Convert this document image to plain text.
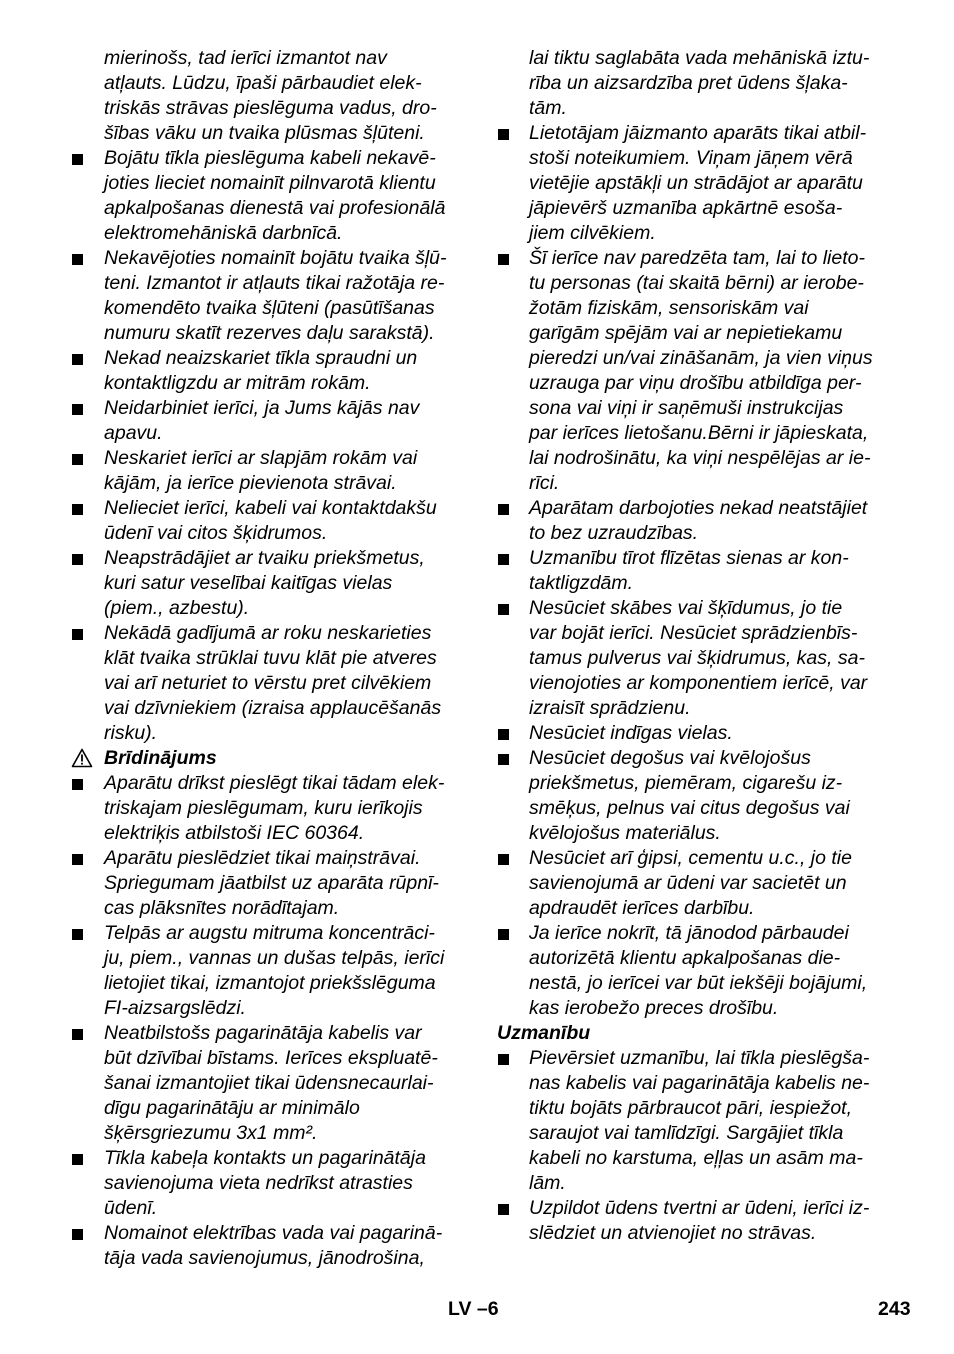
mierinošs, tad ierīci izmantot nav
atļauts. Lūdzu, īpaši pārbaudiet elek-
triskās strāvas pieslēguma vadus, dro-
šības vāku un tvaika plūsmas šļūteni.
Bojātu tīkla pieslēguma kabeli nekavē-
joties lieciet nomainīt pilnvarotā klientu
apkalpošanas dienestā vai profesionālā
elektromehāniskā darbnīcā.
Nekavējoties nomainīt bojātu tvaika šļū-
teni. Izmantot ir atļauts tikai ražotāja re-
komendēto tvaika šļūteni (pasūtīšanas
numuru skatīt rezerves daļu sarakstā).
Nekad neaizskariet tīkla spraudni un
kontaktligzdu ar mitrām rokām.
Neidarbiniet ierīci, ja Jums kājās nav
apavu.
Neskariet ierīci ar slapjām rokām vai
kājām, ja ierīce pievienota strāvai.
Nelieciet ierīci, kabeli vai kontaktdakšu
ūdenī vai citos šķidrumos.
Neapstrādājiet ar tvaiku priekšmetus,
kuri satur veselībai kaitīgas vielas
(piem., azbestu).
Nekādā gadījumā ar roku neskarieties
klāt tvaika strūklai tuvu klāt pie atveres
vai arī neturiet to vērstu pret cilvēkiem
vai dzīvniekiem (izraisa applaucēšanās
risku).
Brīdinājums
Aparātu drīkst pieslēgt tikai tādam elek-
triskajam pieslēgumam, kuru ierīkojis
elektriķis atbilstoši IEC 60364.
Aparātu pieslēdziet tikai maiņstrāvai.
Spriegumam jāatbilst uz aparāta rūpnī-
cas plāksnītes norādītajam.
Telpās ar augstu mitruma koncentrāci-
ju, piem., vannas un dušas telpās, ierīci
lietojiet tikai, izmantojot priekšslēguma
FI-aizsargslēdzi.
Neatbilstošs pagarinātāja kabelis var
būt dzīvībai bīstams. Ierīces ekspluatē-
šanai izmantojiet tikai ūdensnecaurlai-
dīgu pagarinātāju ar minimālo
šķērsgriezumu 3x1 mm².
Tīkla kabeļa kontakts un pagarinātāja
savienojuma vieta nedrīkst atrasties
ūdenī.
Nomainot elektrības vada vai pagarinā-
tāja vada savienojumus, jānodrošina,
lai tiktu saglabāta vada mehāniskā iztu-
rība un aizsardzība pret ūdens šļaka-
tām.
Lietotājam jāizmanto aparāts tikai atbil-
stoši noteikumiem. Viņam jāņem vērā
vietējie apstākļi un strādājot ar aparātu
jāpievērš uzmanība apkārtnē esoša-
jiem cilvēkiem.
Šī ierīce nav paredzēta tam, lai to lieto-
tu personas (tai skaitā bērni) ar ierobe-
žotām fiziskām, sensoriskām vai
garīgām spējām vai ar nepietiekamu
pieredzi un/vai zināšanām, ja vien viņus
uzrauga par viņu drošību atbildīga per-
sona vai viņi ir saņēmuši instrukcijas
par ierīces lietošanu.Bērni ir jāpieskata,
lai nodrošinātu, ka viņi nespēlējas ar ie-
rīci.
Aparātam darbojoties nekad neatstājiet
to bez uzraudzības.
Uzmanību tīrot flīzētas sienas ar kon-
taktligzdām.
Nesūciet skābes vai šķīdumus, jo tie
var bojāt ierīci. Nesūciet sprādzienbīs-
tamus pulverus vai šķidrumus, kas, sa-
vienojoties ar komponentiem ierīcē, var
izraisīt sprādzienu.
Nesūciet indīgas vielas.
Nesūciet degošus vai kvēlojošus
priekšmetus, piemēram, cigarešu iz-
smēķus, pelnus vai citus degošus vai
kvēlojošus materiālus.
Nesūciet arī ģipsi, cementu u.c., jo tie
savienojumā ar ūdeni var sacietēt un
apdraudēt ierīces darbību.
Ja ierīce nokrīt, tā jānodod pārbaudei
autorizētā klientu apkalpošanas die-
nestā, jo ierīcei var būt iekšēji bojājumi,
kas ierobežo preces drošību.
Uzmanību
Pievērsiet uzmanību, lai tīkla pieslēgša-
nas kabelis vai pagarinātāja kabelis ne-
tiktu bojāts pārbraucot pāri, iespiežot,
saraujot vai tamlīdzīgi. Sargājiet tīkla
kabeli no karstuma, eļļas un asām ma-
lām.
Uzpildot ūdens tvertni ar ūdeni, ierīci iz-
slēdziet un atvienojiet no strāvas.
LV –6	243
